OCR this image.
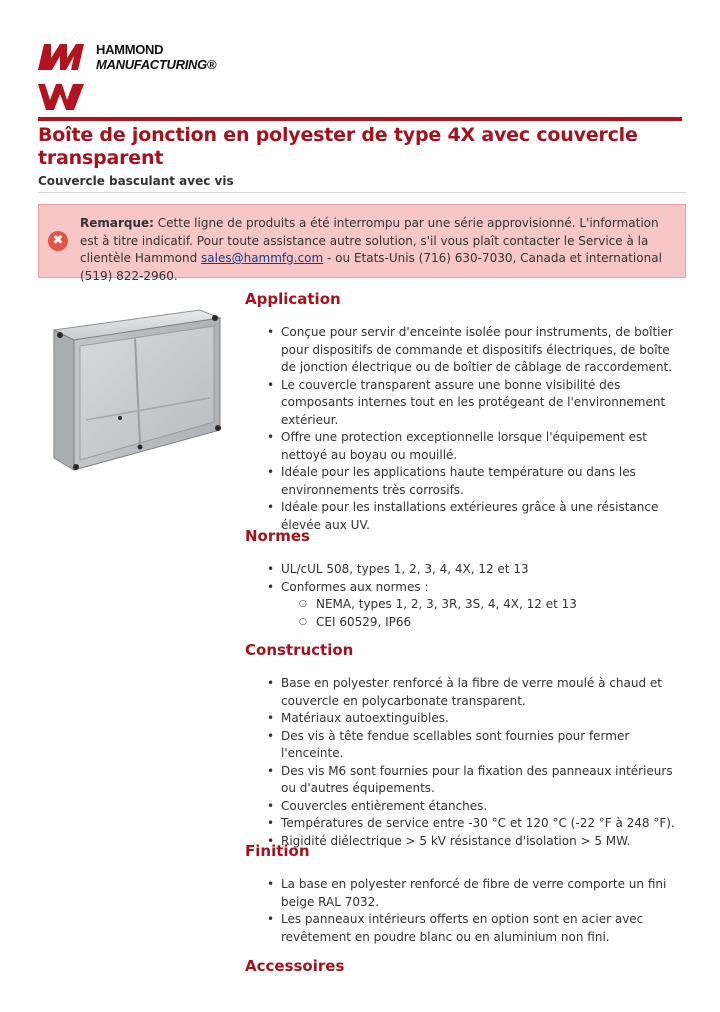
HAMMOND
MANUFACTURING®
Boîte de jonction en polyester de type 4X avec couvercle transparent
Couvercle basculant avec vis
✖
Remarque: Cette ligne de produits a été interrompu par une série approvisionné. L'information est à titre indicatif. Pour toute assistance autre solution, s'il vous plaît contacter le Service à la clientèle Hammond sales@hammfg.com - ou Etats-Unis (716) 630-7030, Canada et international (519) 822-2960.
Application
• Conçue pour servir d'enceinte isolée pour instruments, de boîtier pour dispositifs de commande et dispositifs électriques, de boîte de jonction électrique ou de boîtier de câblage de raccordement.
• Le couvercle transparent assure une bonne visibilité des composants internes tout en les protégeant de l'environnement extérieur.
• Offre une protection exceptionnelle lorsque l'équipement est nettoyé au boyau ou mouillé.
• Idéale pour les applications haute température ou dans les environnements très corrosifs.
• Idéale pour les installations extérieures grâce à une résistance élevée aux UV.
Normes
• UL/cUL 508, types 1, 2, 3, 4, 4X, 12 et 13
• Conformes aux normes :
○ NEMA, types 1, 2, 3, 3R, 3S, 4, 4X, 12 et 13
○ CEI 60529, IP66
Construction
• Base en polyester renforcé à la fibre de verre moulé à chaud et couvercle en polycarbonate transparent.
• Matériaux autoextinguibles.
• Des vis à tête fendue scellables sont fournies pour fermer l'enceinte.
• Des vis M6 sont fournies pour la fixation des panneaux intérieurs ou d'autres équipements.
• Couvercles entièrement étanches.
• Températures de service entre -30 °C et 120 °C (-22 °F à 248 °F).
• Rigidité diélectrique > 5 kV résistance d'isolation > 5 MW.
Finition
• La base en polyester renforcé de fibre de verre comporte un fini beige RAL 7032.
• Les panneaux intérieurs offerts en option sont en acier avec revêtement en poudre blanc ou en aluminium non fini.
Accessoires
